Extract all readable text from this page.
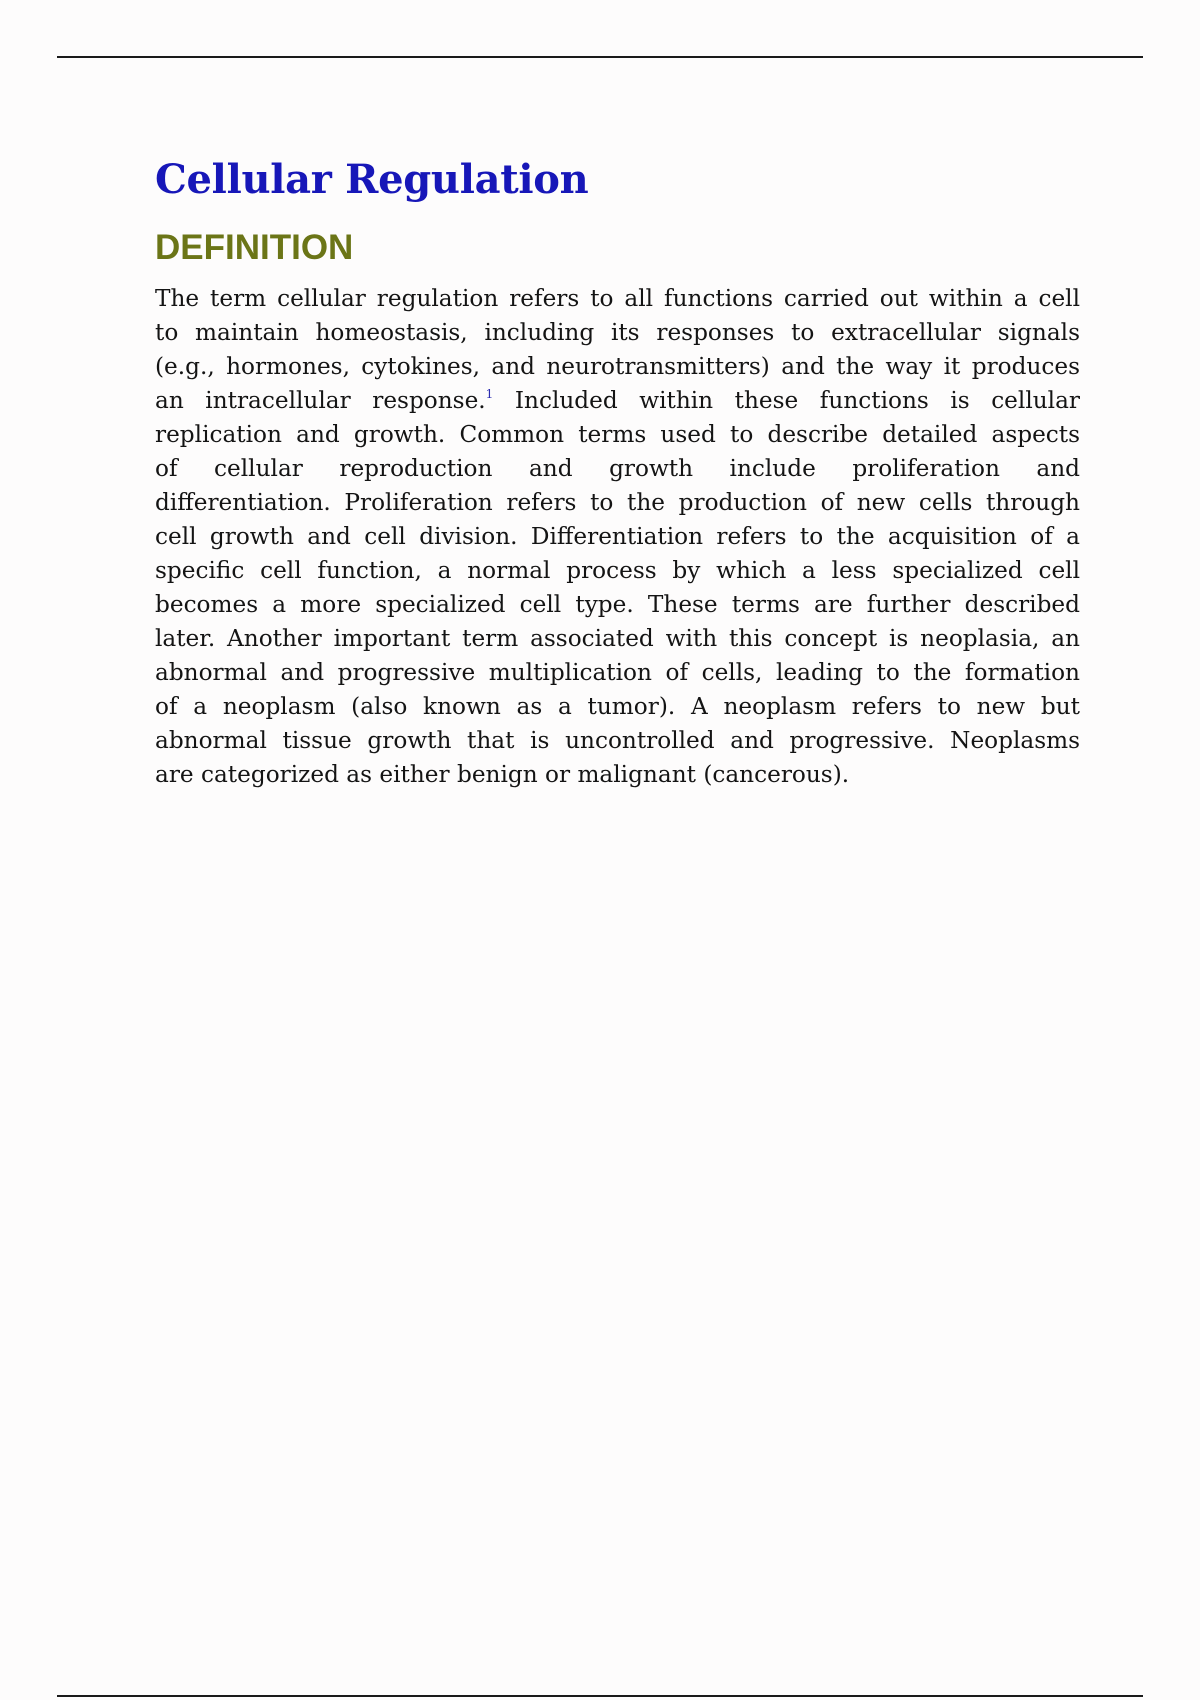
Cellular Regulation
DEFINITION
The term cellular regulation refers to all functions carried out within a cell
to maintain homeostasis, including its responses to extracellular signals
(e.g., hormones, cytokines, and neurotransmitters) and the way it produces
an intracellular response.$^1$ Included within these functions is cellular
replication and growth. Common terms used to describe detailed aspects
of cellular reproduction and growth include proliferation and
differentiation. Proliferation refers to the production of new cells through
cell growth and cell division. Differentiation refers to the acquisition of a
specific cell function, a normal process by which a less specialized cell
becomes a more specialized cell type. These terms are further described
later. Another important term associated with this concept is neoplasia, an
abnormal and progressive multiplication of cells, leading to the formation
of a neoplasm (also known as a tumor). A neoplasm refers to new but
abnormal tissue growth that is uncontrolled and progressive. Neoplasms
are categorized as either benign or malignant (cancerous).
